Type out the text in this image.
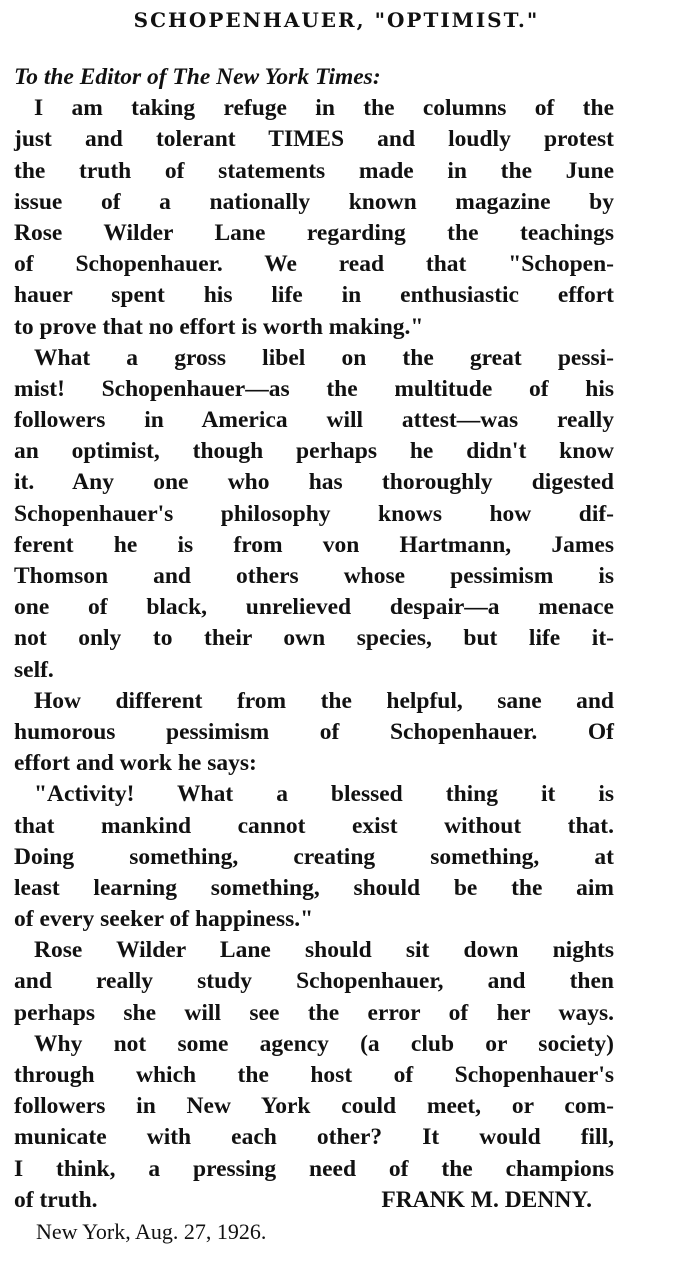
SCHOPENHAUER, "OPTIMIST."
To the Editor of The New York Times:
I am taking refuge in the columns of the
just and tolerant TIMES and loudly protest
the truth of statements made in the June
issue of a nationally known magazine by
Rose Wilder Lane regarding the teachings
of Schopenhauer. We read that "Schopen-
hauer spent his life in enthusiastic effort
to prove that no effort is worth making."
What a gross libel on the great pessi-
mist! Schopenhauer—as the multitude of his
followers in America will attest—was really
an optimist, though perhaps he didn't know
it. Any one who has thoroughly digested
Schopenhauer's philosophy knows how dif-
ferent he is from von Hartmann, James
Thomson and others whose pessimism is
one of black, unrelieved despair—a menace
not only to their own species, but life it-
self.
How different from the helpful, sane and
humorous pessimism of Schopenhauer. Of
effort and work he says:
"Activity! What a blessed thing it is
that mankind cannot exist without that.
Doing something, creating something, at
least learning something, should be the aim
of every seeker of happiness."
Rose Wilder Lane should sit down nights
and really study Schopenhauer, and then
perhaps she will see the error of her ways.
Why not some agency (a club or society)
through which the host of Schopenhauer's
followers in New York could meet, or com-
municate with each other? It would fill,
I think, a pressing need of the champions
of truth.	FRANK M. DENNY.
New York, Aug. 27, 1926.
